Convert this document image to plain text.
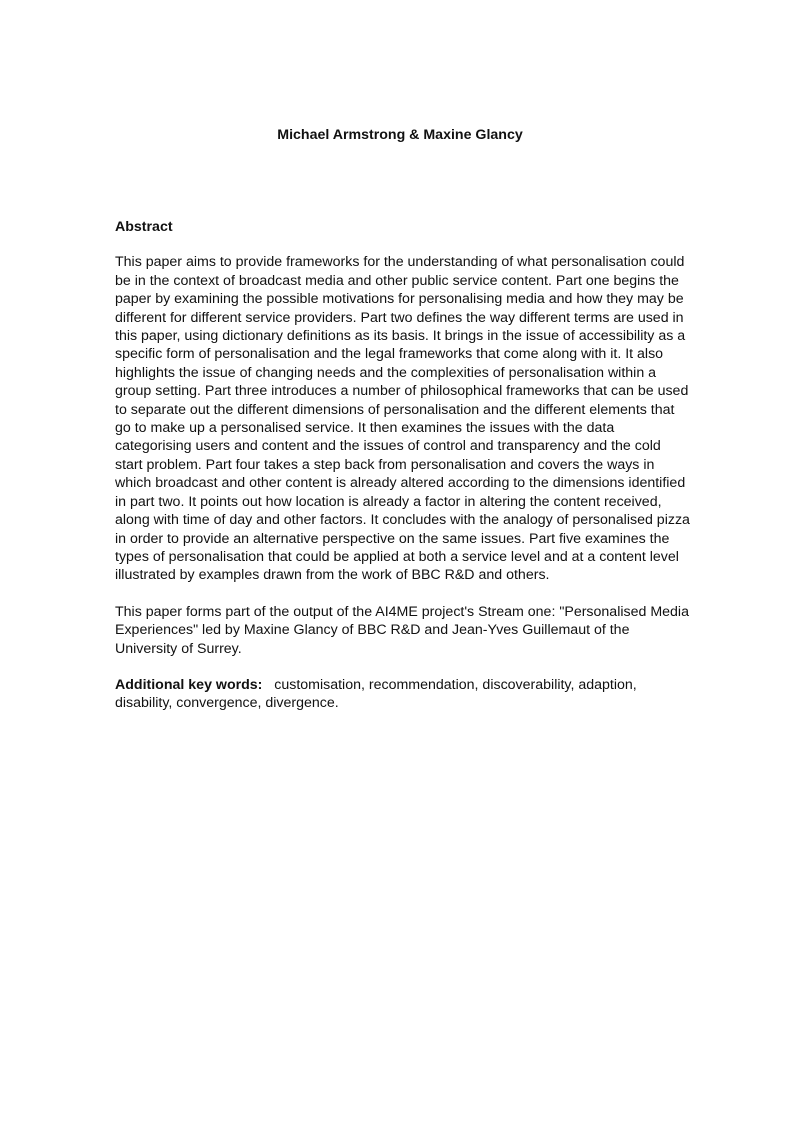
Michael Armstrong & Maxine Glancy
Abstract

This paper aims to provide frameworks for the understanding of what personalisation could be in the context of broadcast media and other public service content. Part one begins the paper by examining the possible motivations for personalising media and how they may be different for different service providers. Part two defines the way different terms are used in this paper, using dictionary definitions as its basis. It brings in the issue of accessibility as a specific form of personalisation and the legal frameworks that come along with it. It also highlights the issue of changing needs and the complexities of personalisation within a group setting. Part three introduces a number of philosophical frameworks that can be used to separate out the different dimensions of personalisation and the different elements that go to make up a personalised service. It then examines the issues with the data categorising users and content and the issues of control and transparency and the cold start problem. Part four takes a step back from personalisation and covers the ways in which broadcast and other content is already altered according to the dimensions identified in part two. It points out how location is already a factor in altering the content received, along with time of day and other factors. It concludes with the analogy of personalised pizza in order to provide an alternative perspective on the same issues. Part five examines the types of personalisation that could be applied at both a service level and at a content level illustrated by examples drawn from the work of BBC R&D and others.

This paper forms part of the output of the AI4ME project's Stream one: "Personalised Media Experiences" led by Maxine Glancy of BBC R&D and Jean-Yves Guillemaut of the University of Surrey.

Additional key words: customisation, recommendation, discoverability, adaption, disability, convergence, divergence.
